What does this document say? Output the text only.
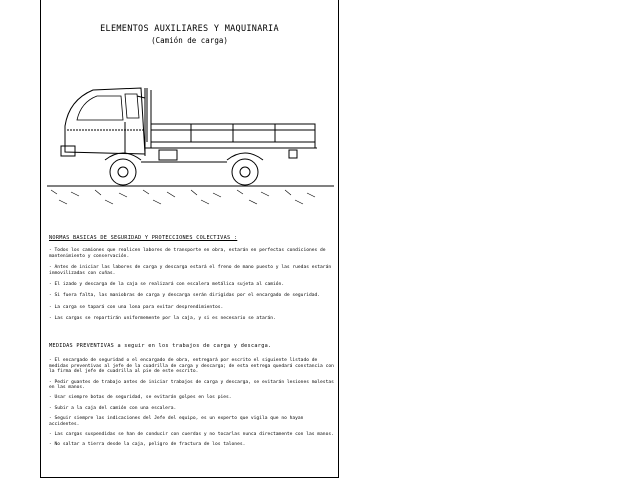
ELEMENTOS AUXILIARES Y MAQUINARIA
(Camión de carga)

NORMAS BASICAS DE SEGURIDAD Y PROTECCIONES COLECTIVAS :

- Todos los camiones que realicen labores de transporte en obra, estarán en perfectas condiciones de mantenimiento y conservación.

- Antes de iniciar las labores de carga y descarga estará el freno de mano puesto y las ruedas estarán inmovilizadas con cuñas.

- El izado y descarga de la caja se realizará con escalera metálica sujeta al camión.

- Si fuera falta, las maniobras de carga y descarga serán dirigidas por el encargado de seguridad.

- La carga se tapará con una lona para evitar desprendimientos.

- Las cargas se repartirán uniformemente por la caja, y si es necesario se atarán.

MEDIDAS PREVENTIVAS a seguir en los trabajos de carga y descarga.

- El encargado de seguridad o el encargado de obra, entregará por escrito el siguiente listado de medidas preventivas al jefe de la cuadrilla de carga y descarga; de esta entrega quedará constancia con la firma del jefe de cuadrilla al pie de este escrito.

- Pedir guantes de trabajo antes de iniciar trabajos de carga y descarga, se evitarán lesiones molestas en las manos.

- Usar siempre botas de seguridad, se evitarán golpes en los pies.

- Subir a la caja del camión con una escalera.

- Seguir siempre las indicaciones del Jefe del equipo, es un experto que vigila que no hayan accidentes.

- Las cargas suspendidas se han de conducir con cuerdas y no tocarlas nunca directamente con las manos.

- No saltar a tierra desde la caja, peligro de fractura de los talones.
